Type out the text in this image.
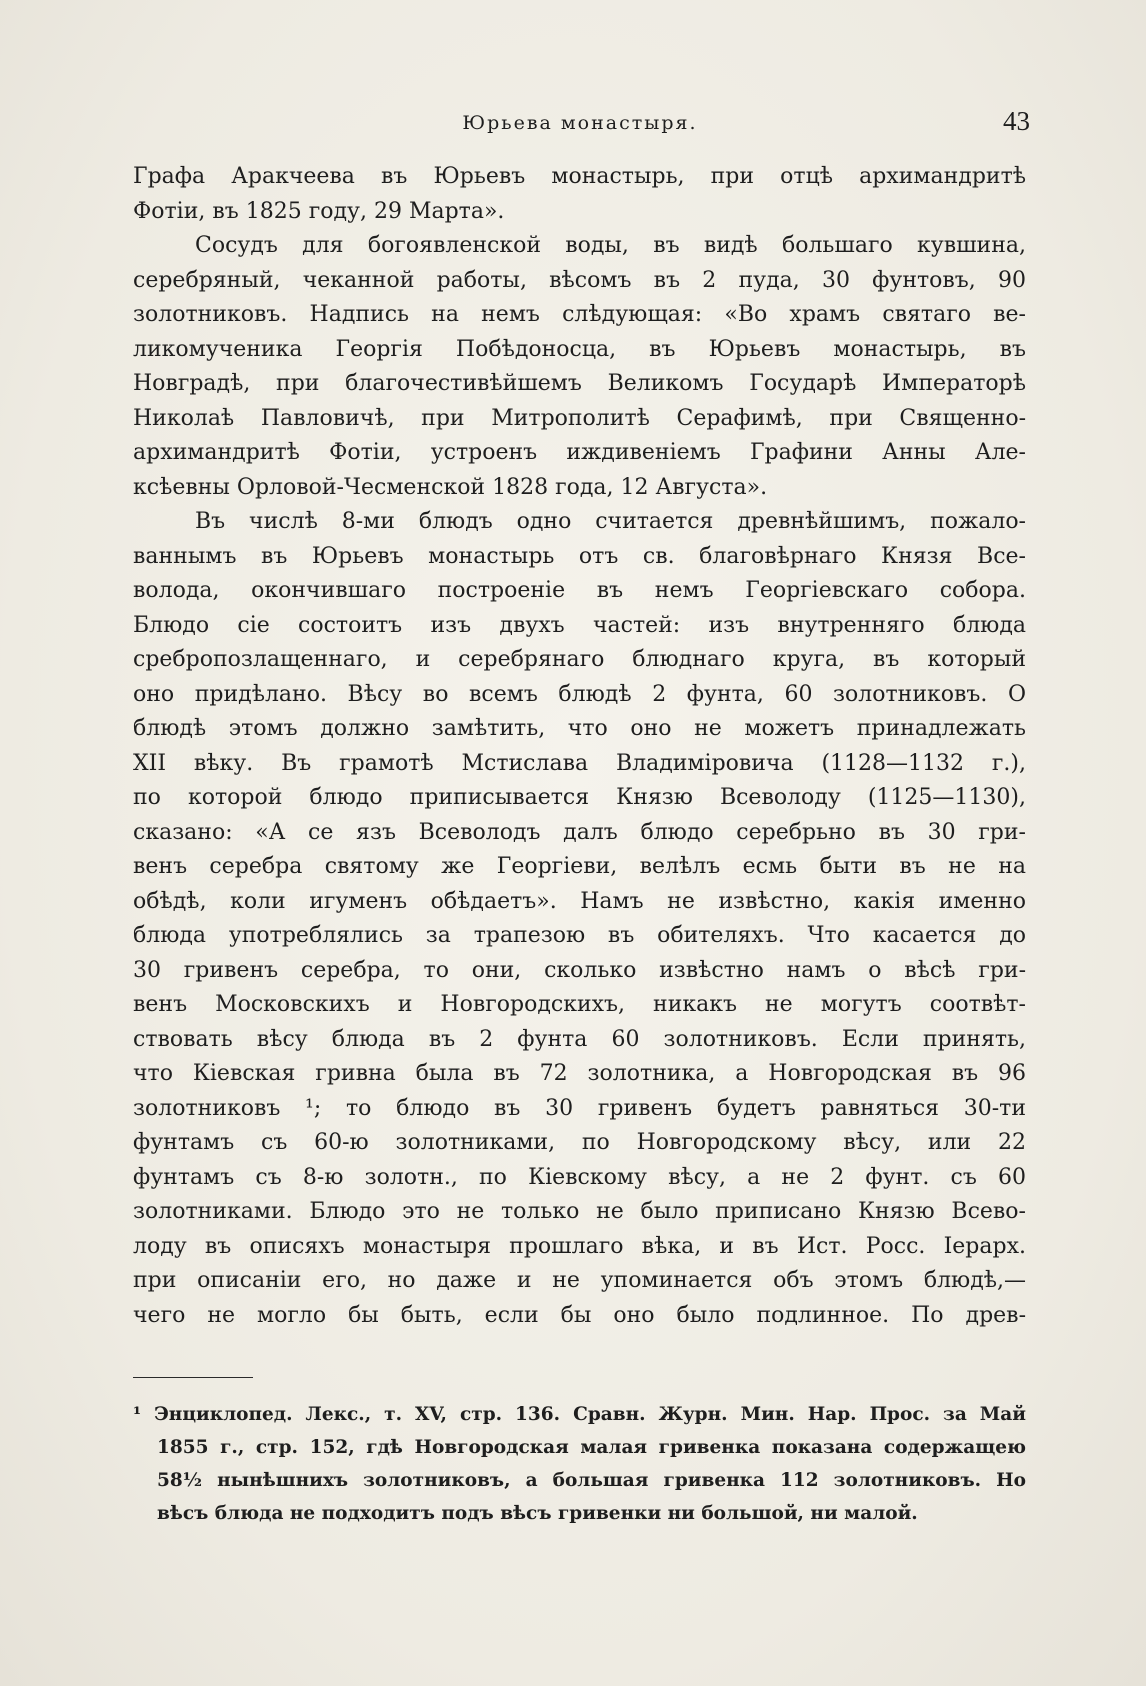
Юрьева монастыря.	43
Графа Аракчеева въ Юрьевъ монастырь, при отцѣ архимандритѣ
Фотіи, въ 1825 году, 29 Марта».
Сосудъ для богоявленской воды, въ видѣ большаго кувшина,
серебряный, чеканной работы, вѣсомъ въ 2 пуда, 30 фунтовъ, 90
золотниковъ. Надпись на немъ слѣдующая: «Во храмъ святаго ве-
ликомученика Георгія Побѣдоносца, въ Юрьевъ монастырь, въ
Новградѣ, при благочестивѣйшемъ Великомъ Государѣ Императорѣ
Николаѣ Павловичѣ, при Митрополитѣ Серафимѣ, при Священно-
архимандритѣ Фотіи, устроенъ иждивеніемъ Графини Анны Але-
ксѣевны Орловой-Чесменской 1828 года, 12 Августа».
Въ числѣ 8-ми блюдъ одно считается древнѣйшимъ, пожало-
ваннымъ въ Юрьевъ монастырь отъ св. благовѣрнаго Князя Все-
волода, окончившаго построеніе въ немъ Георгіевскаго собора.
Блюдо сіе состоитъ изъ двухъ частей: изъ внутренняго блюда
сребропозлащеннаго, и серебрянаго блюднаго круга, въ который
оно придѣлано. Вѣсу во всемъ блюдѣ 2 фунта, 60 золотниковъ. О
блюдѣ этомъ должно замѣтить, что оно не можетъ принадлежать
XII вѣку. Въ грамотѣ Мстислава Владиміровича (1128—1132 г.),
по которой блюдо приписывается Князю Всеволоду (1125—1130),
сказано: «А се язъ Всеволодъ далъ блюдо серебрьно въ 30 гри-
венъ серебра святому же Георгіеви, велѣлъ есмь быти въ не на
обѣдѣ, коли игуменъ обѣдаетъ». Намъ не извѣстно, какія именно
блюда употреблялись за трапезою въ обителяхъ. Что касается до
30 гривенъ серебра, то они, сколько извѣстно намъ о вѣсѣ гри-
венъ Московскихъ и Новгородскихъ, никакъ не могутъ соотвѣт-
ствовать вѣсу блюда въ 2 фунта 60 золотниковъ. Если принять,
что Кіевская гривна была въ 72 золотника, а Новгородская въ 96
золотниковъ ¹; то блюдо въ 30 гривенъ будетъ равняться 30-ти
фунтамъ съ 60-ю золотниками, по Новгородскому вѣсу, или 22
фунтамъ съ 8-ю золотн., по Кіевскому вѣсу, а не 2 фунт. съ 60
золотниками. Блюдо это не только не было приписано Князю Всево-
лоду въ описяхъ монастыря прошлаго вѣка, и въ Ист. Росс. Іерарх.
при описаніи его, но даже и не упоминается объ этомъ блюдѣ,—
чего не могло бы быть, если бы оно было подлинное. По древ-
¹ Энциклопед. Лекс., т. XV, стр. 136. Сравн. Журн. Мин. Нар. Прос. за Май
1855 г., стр. 152, гдѣ Новгородская малая гривенка показана содержащею
58½ нынѣшнихъ золотниковъ, а большая гривенка 112 золотниковъ. Но
вѣсъ блюда не подходитъ подъ вѣсъ гривенки ни большой, ни малой.
